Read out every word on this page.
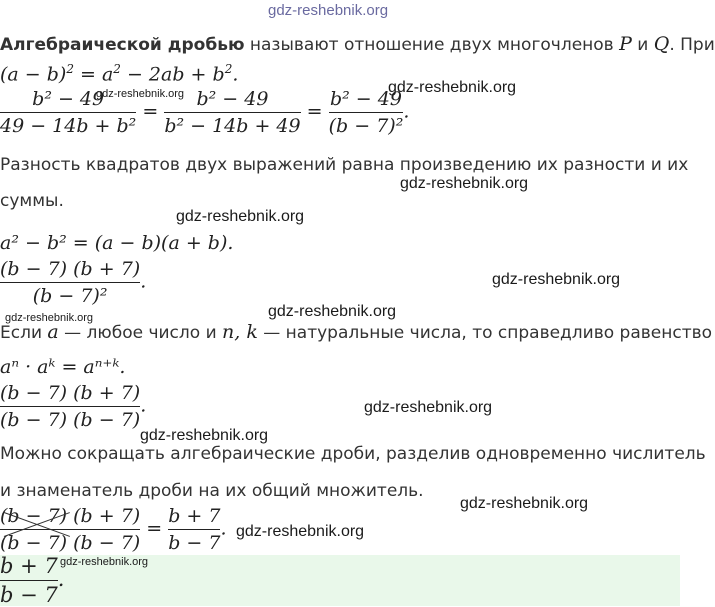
gdz-reshebnik.org
Алгебраической дробью называют отношение двух многочленов P и Q. При
$(a - b)^2 = a^2 - 2ab + b^2$.
$\frac{\text{b² − 49}}{\text{49 − 14b + b²}} = \frac{\text{b² − 49}}{\text{b² − 14b + 49}} = \frac{\text{b² − 49}}{\text{(b − 7)²}}$ .
Разность квадратов двух выражений равна произведению их разности и их
суммы.
a² − b² = (a − b)(a + b).
$\frac{(b - 7) (b + 7)}{\text{(b − 7)²}}$ .
Если a — любое число и n, k — натуральные числа, то справедливо равенство
aⁿ · aᵏ = aⁿ⁺ᵏ.
$\frac{(b - 7) (b + 7)}{(b - 7) (b - 7)}$ .
Можно сокращать алгебраические дроби, разделив одновременно числитель
и знаменатель дроби на их общий множитель.
$\frac{(b - 7) (b + 7)}{(b - 7) (b - 7)} = \frac{b + 7}{b - 7}$ .
$\frac{b + 7}{b - 7}$ .
gdz-reshebnik.org	gdz-reshebnik.org
gdz-reshebnik.org
gdz-reshebnik.org
gdz-reshebnik.org
gdz-reshebnik.org
gdz-reshebnik.org
gdz-reshebnik.org
gdz-reshebnik.org
gdz-reshebnik.org
gdz-reshebnik.org
gdz-reshebnik.org
